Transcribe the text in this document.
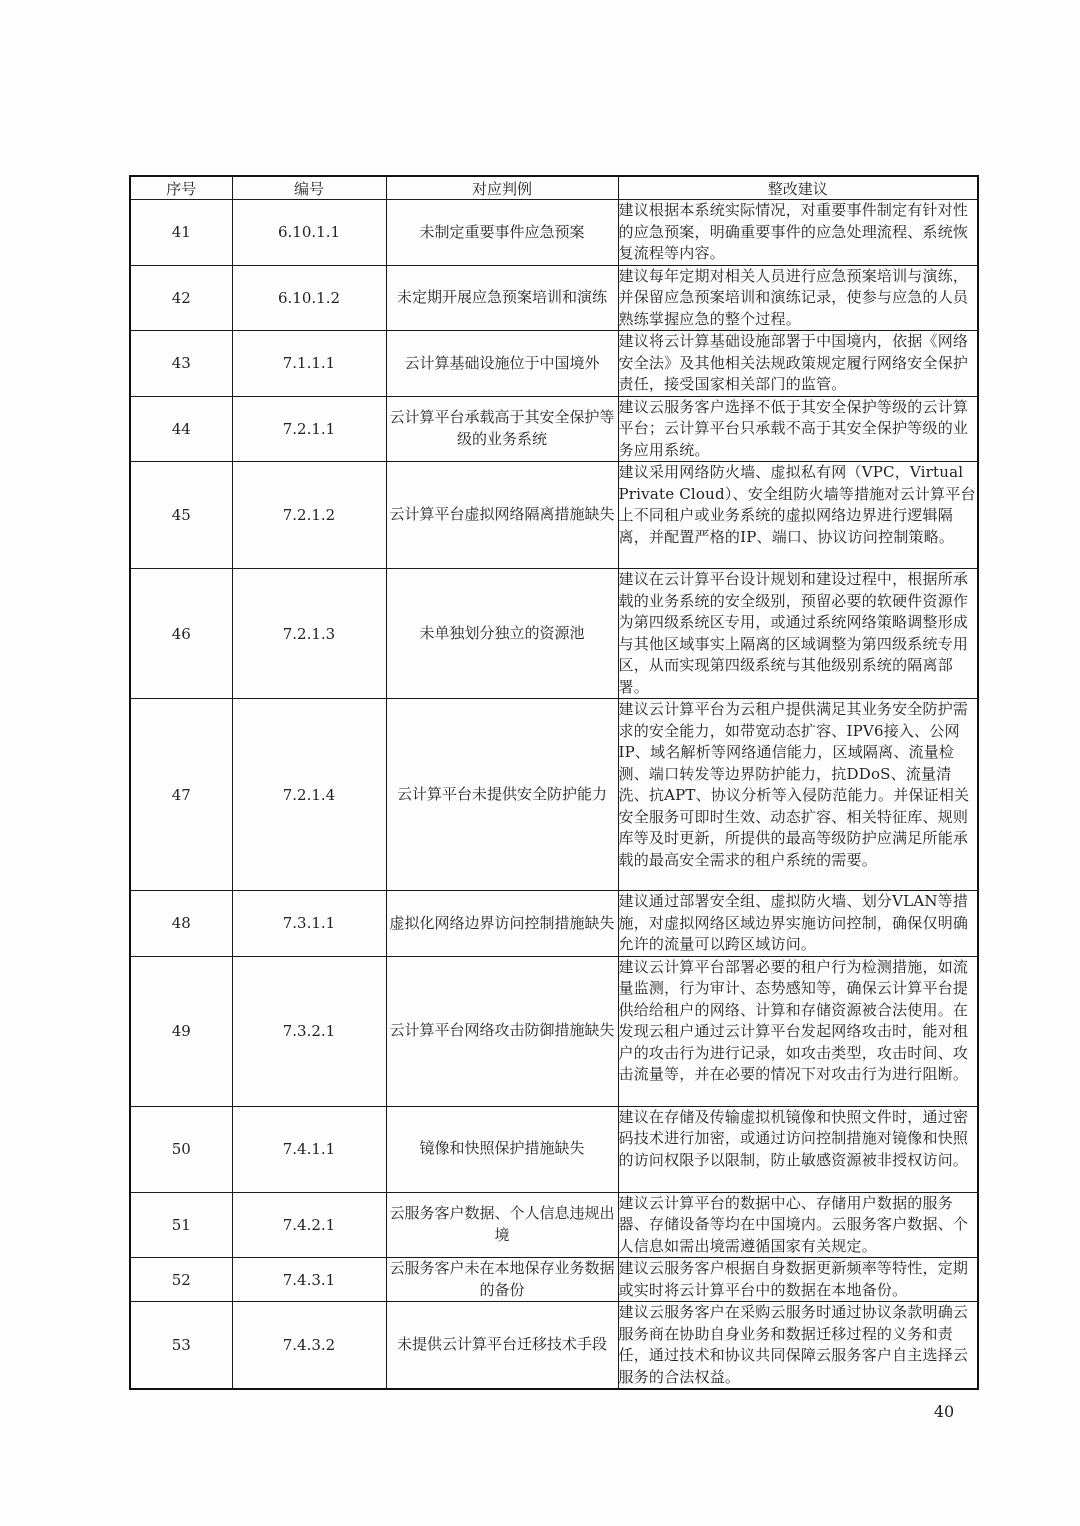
序号	编号	对应判例	整改建议
41	6.10.1.1	未制定重要事件应急预案	建议根据本系统实际情况，对重要事件制定有针对性的应急预案，明确重要事件的应急处理流程、系统恢复流程等内容。
42	6.10.1.2	未定期开展应急预案培训和演练	建议每年定期对相关人员进行应急预案培训与演练，并保留应急预案培训和演练记录，使参与应急的人员熟练掌握应急的整个过程。
43	7.1.1.1	云计算基础设施位于中国境外	建议将云计算基础设施部署于中国境内，依据《网络安全法》及其他相关法规政策规定履行网络安全保护责任，接受国家相关部门的监管。
44	7.2.1.1	云计算平台承载高于其安全保护等级的业务系统	建议云服务客户选择不低于其安全保护等级的云计算平台；云计算平台只承载不高于其安全保护等级的业务应用系统。
45	7.2.1.2	云计算平台虚拟网络隔离措施缺失	建议采用网络防火墙、虚拟私有网（VPC，Virtual Private Cloud）、安全组防火墙等措施对云计算平台上不同租户或业务系统的虚拟网络边界进行逻辑隔离，并配置严格的IP、端口、协议访问控制策略。
46	7.2.1.3	未单独划分独立的资源池	建议在云计算平台设计规划和建设过程中，根据所承载的业务系统的安全级别，预留必要的软硬件资源作为第四级系统区专用，或通过系统网络策略调整形成与其他区域事实上隔离的区域调整为第四级系统专用区，从而实现第四级系统与其他级别系统的隔离部署。
47	7.2.1.4	云计算平台未提供安全防护能力	建议云计算平台为云租户提供满足其业务安全防护需求的安全能力，如带宽动态扩容、IPV6接入、公网IP、域名解析等网络通信能力，区域隔离、流量检测、端口转发等边界防护能力，抗DDoS、流量清洗、抗APT、协议分析等入侵防范能力。并保证相关安全服务可即时生效、动态扩容、相关特征库、规则库等及时更新，所提供的最高等级防护应满足所能承载的最高安全需求的租户系统的需要。
48	7.3.1.1	虚拟化网络边界访问控制措施缺失	建议通过部署安全组、虚拟防火墙、划分VLAN等措施，对虚拟网络区域边界实施访问控制，确保仅明确允许的流量可以跨区域访问。
49	7.3.2.1	云计算平台网络攻击防御措施缺失	建议云计算平台部署必要的租户行为检测措施，如流量监测，行为审计、态势感知等，确保云计算平台提供给给租户的网络、计算和存储资源被合法使用。在发现云租户通过云计算平台发起网络攻击时，能对租户的攻击行为进行记录，如攻击类型，攻击时间、攻击流量等，并在必要的情况下对攻击行为进行阻断。
50	7.4.1.1	镜像和快照保护措施缺失	建议在存储及传输虚拟机镜像和快照文件时，通过密码技术进行加密，或通过访问控制措施对镜像和快照的访问权限予以限制，防止敏感资源被非授权访问。
51	7.4.2.1	云服务客户数据、个人信息违规出境	建议云计算平台的数据中心、存储用户数据的服务器、存储设备等均在中国境内。云服务客户数据、个人信息如需出境需遵循国家有关规定。
52	7.4.3.1	云服务客户未在本地保存业务数据的备份	建议云服务客户根据自身数据更新频率等特性，定期或实时将云计算平台中的数据在本地备份。
53	7.4.3.2	未提供云计算平台迁移技术手段	建议云服务客户在采购云服务时通过协议条款明确云服务商在协助自身业务和数据迁移过程的义务和责任，通过技术和协议共同保障云服务客户自主选择云服务的合法权益。
40
